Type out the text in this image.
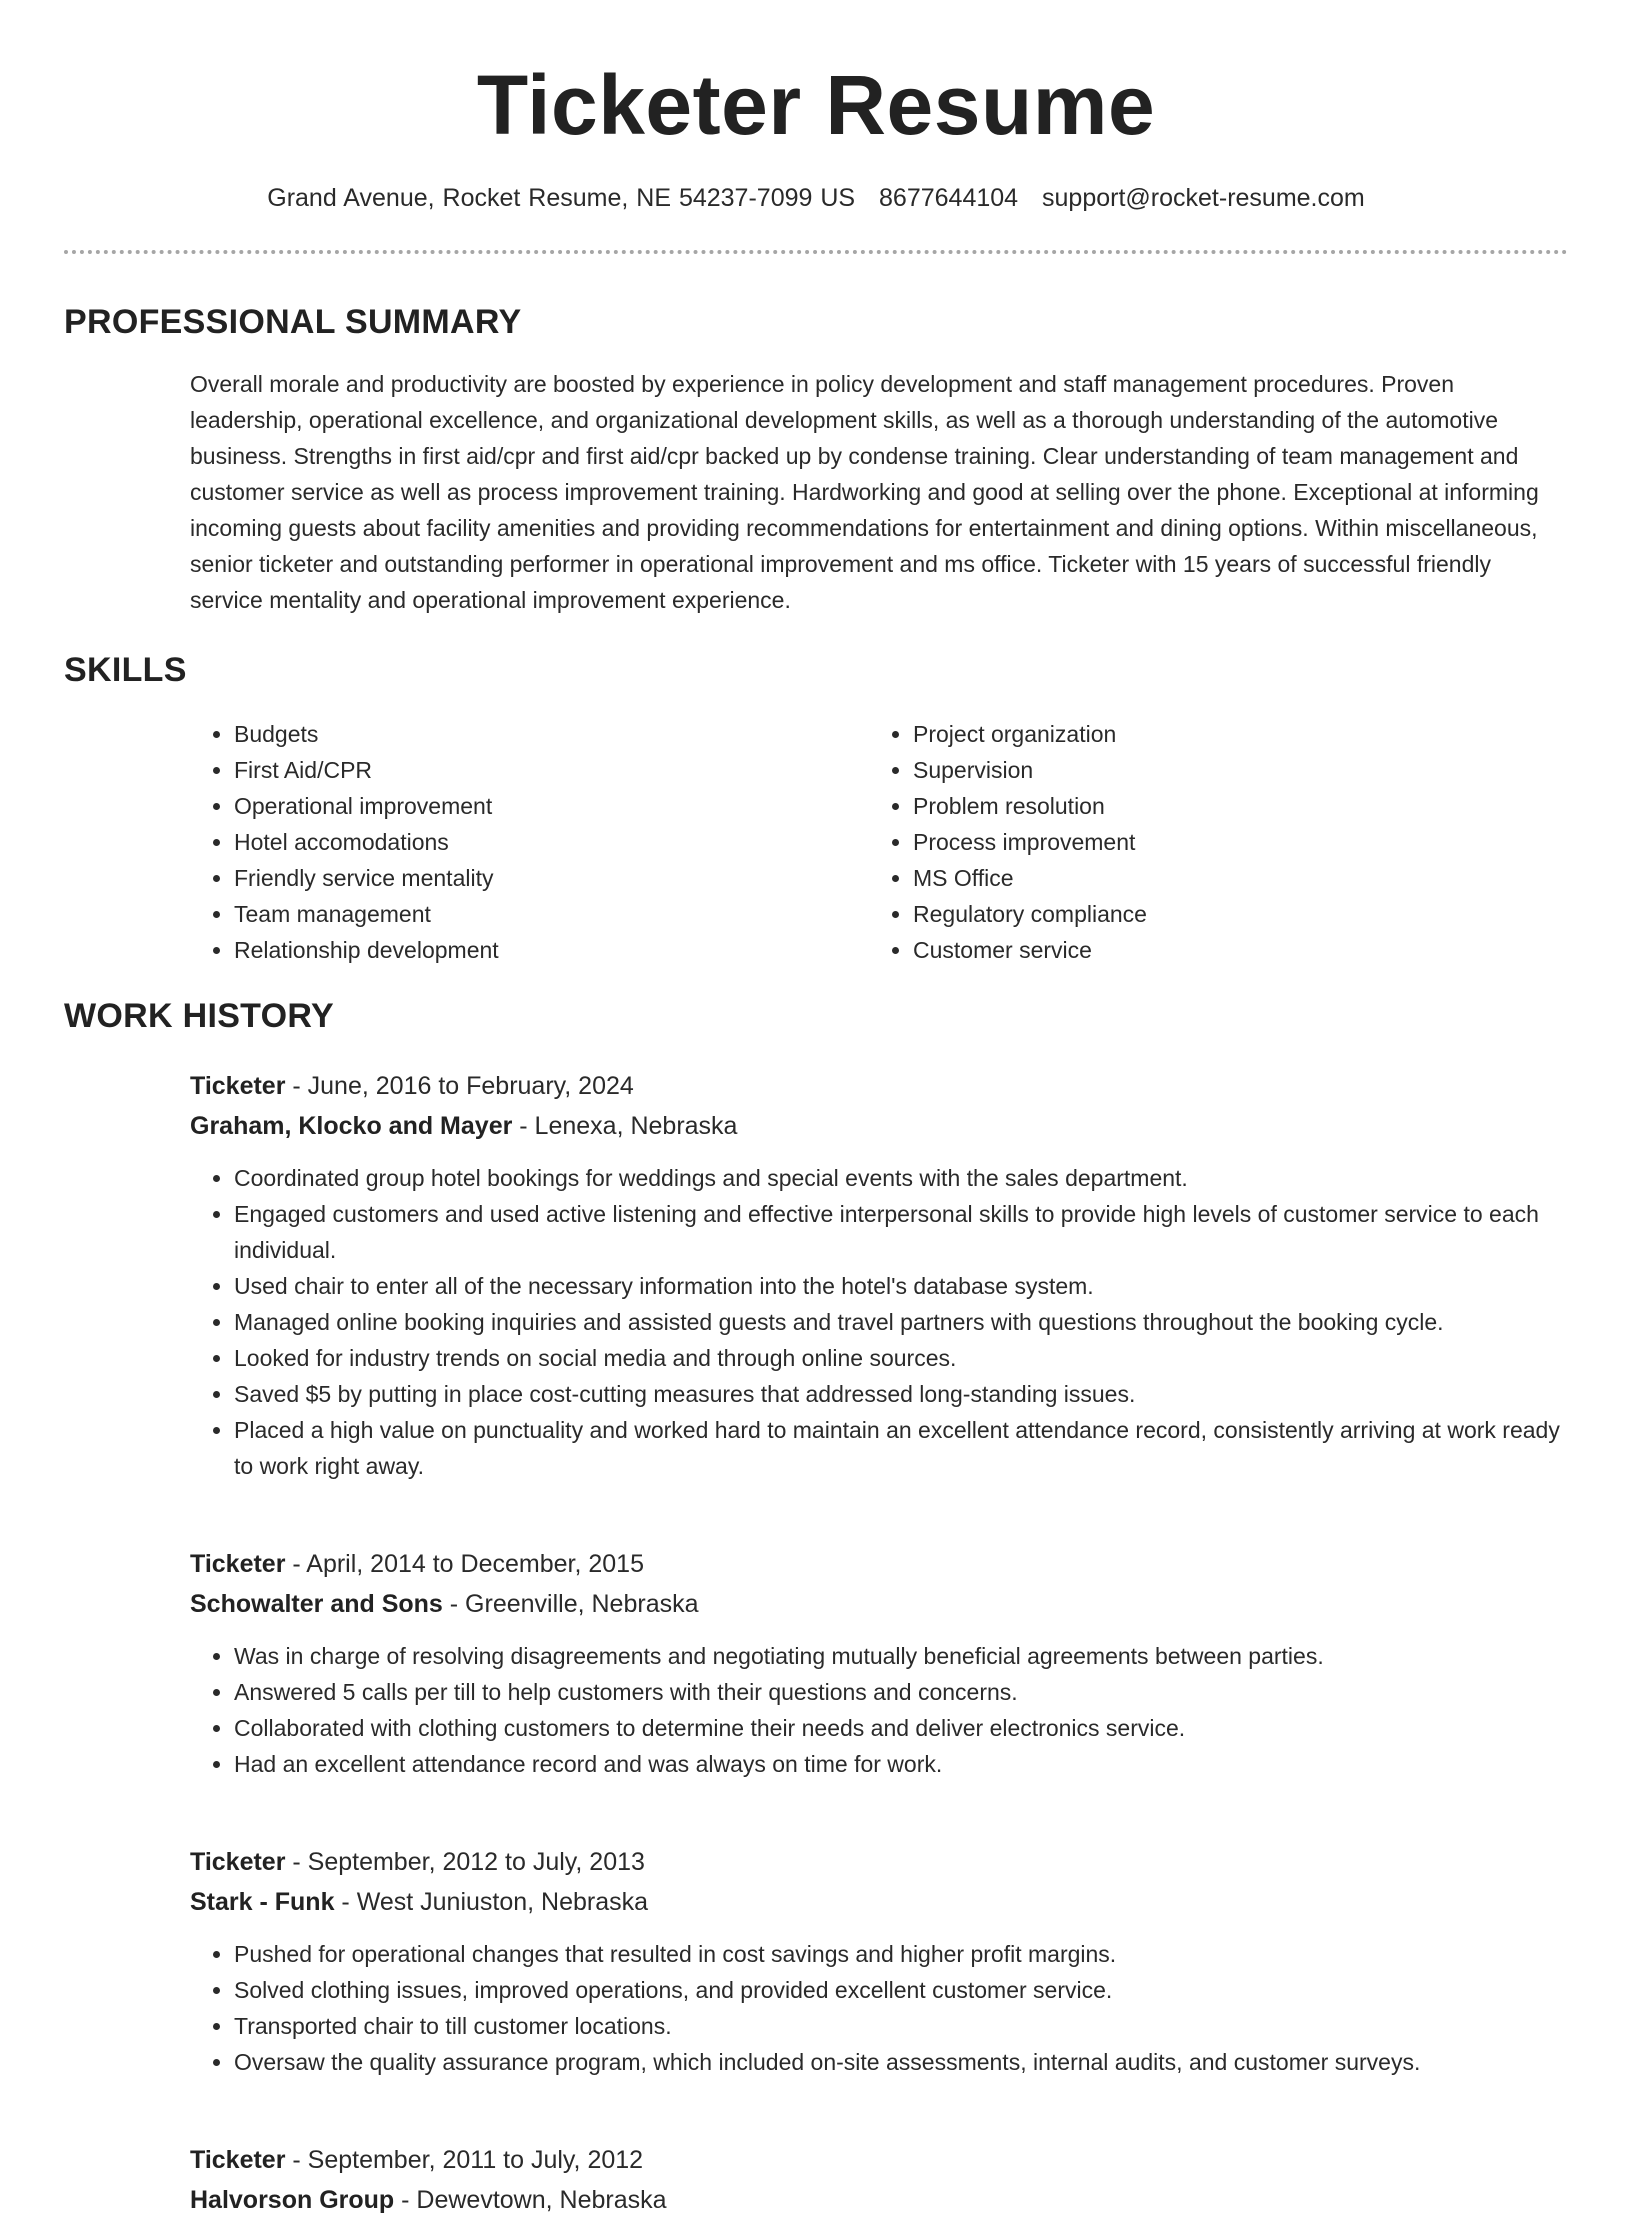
Ticketer Resume
Grand Avenue, Rocket Resume, NE 54237-7099 US 8677644104 support@rocket-resume.com
PROFESSIONAL SUMMARY
Overall morale and productivity are boosted by experience in policy development and staff management procedures. Proven leadership, operational excellence, and organizational development skills, as well as a thorough understanding of the automotive business. Strengths in first aid/cpr and first aid/cpr backed up by condense training. Clear understanding of team management and customer service as well as process improvement training. Hardworking and good at selling over the phone. Exceptional at informing incoming guests about facility amenities and providing recommendations for entertainment and dining options. Within miscellaneous, senior ticketer and outstanding performer in operational improvement and ms office. Ticketer with 15 years of successful friendly service mentality and operational improvement experience.
SKILLS
• Budgets
• First Aid/CPR
• Operational improvement
• Hotel accomodations
• Friendly service mentality
• Team management
• Relationship development
• Project organization
• Supervision
• Problem resolution
• Process improvement
• MS Office
• Regulatory compliance
• Customer service
WORK HISTORY
Ticketer - June, 2016 to February, 2024
Graham, Klocko and Mayer - Lenexa, Nebraska
• Coordinated group hotel bookings for weddings and special events with the sales department.
• Engaged customers and used active listening and effective interpersonal skills to provide high levels of customer service to each individual.
• Used chair to enter all of the necessary information into the hotel's database system.
• Managed online booking inquiries and assisted guests and travel partners with questions throughout the booking cycle.
• Looked for industry trends on social media and through online sources.
• Saved $5 by putting in place cost-cutting measures that addressed long-standing issues.
• Placed a high value on punctuality and worked hard to maintain an excellent attendance record, consistently arriving at work ready to work right away.
Ticketer - April, 2014 to December, 2015
Schowalter and Sons - Greenville, Nebraska
• Was in charge of resolving disagreements and negotiating mutually beneficial agreements between parties.
• Answered 5 calls per till to help customers with their questions and concerns.
• Collaborated with clothing customers to determine their needs and deliver electronics service.
• Had an excellent attendance record and was always on time for work.
Ticketer - September, 2012 to July, 2013
Stark - Funk - West Juniuston, Nebraska
• Pushed for operational changes that resulted in cost savings and higher profit margins.
• Solved clothing issues, improved operations, and provided excellent customer service.
• Transported chair to till customer locations.
• Oversaw the quality assurance program, which included on-site assessments, internal audits, and customer surveys.
Ticketer - September, 2011 to July, 2012
Halvorson Group - Dewevtown, Nebraska
